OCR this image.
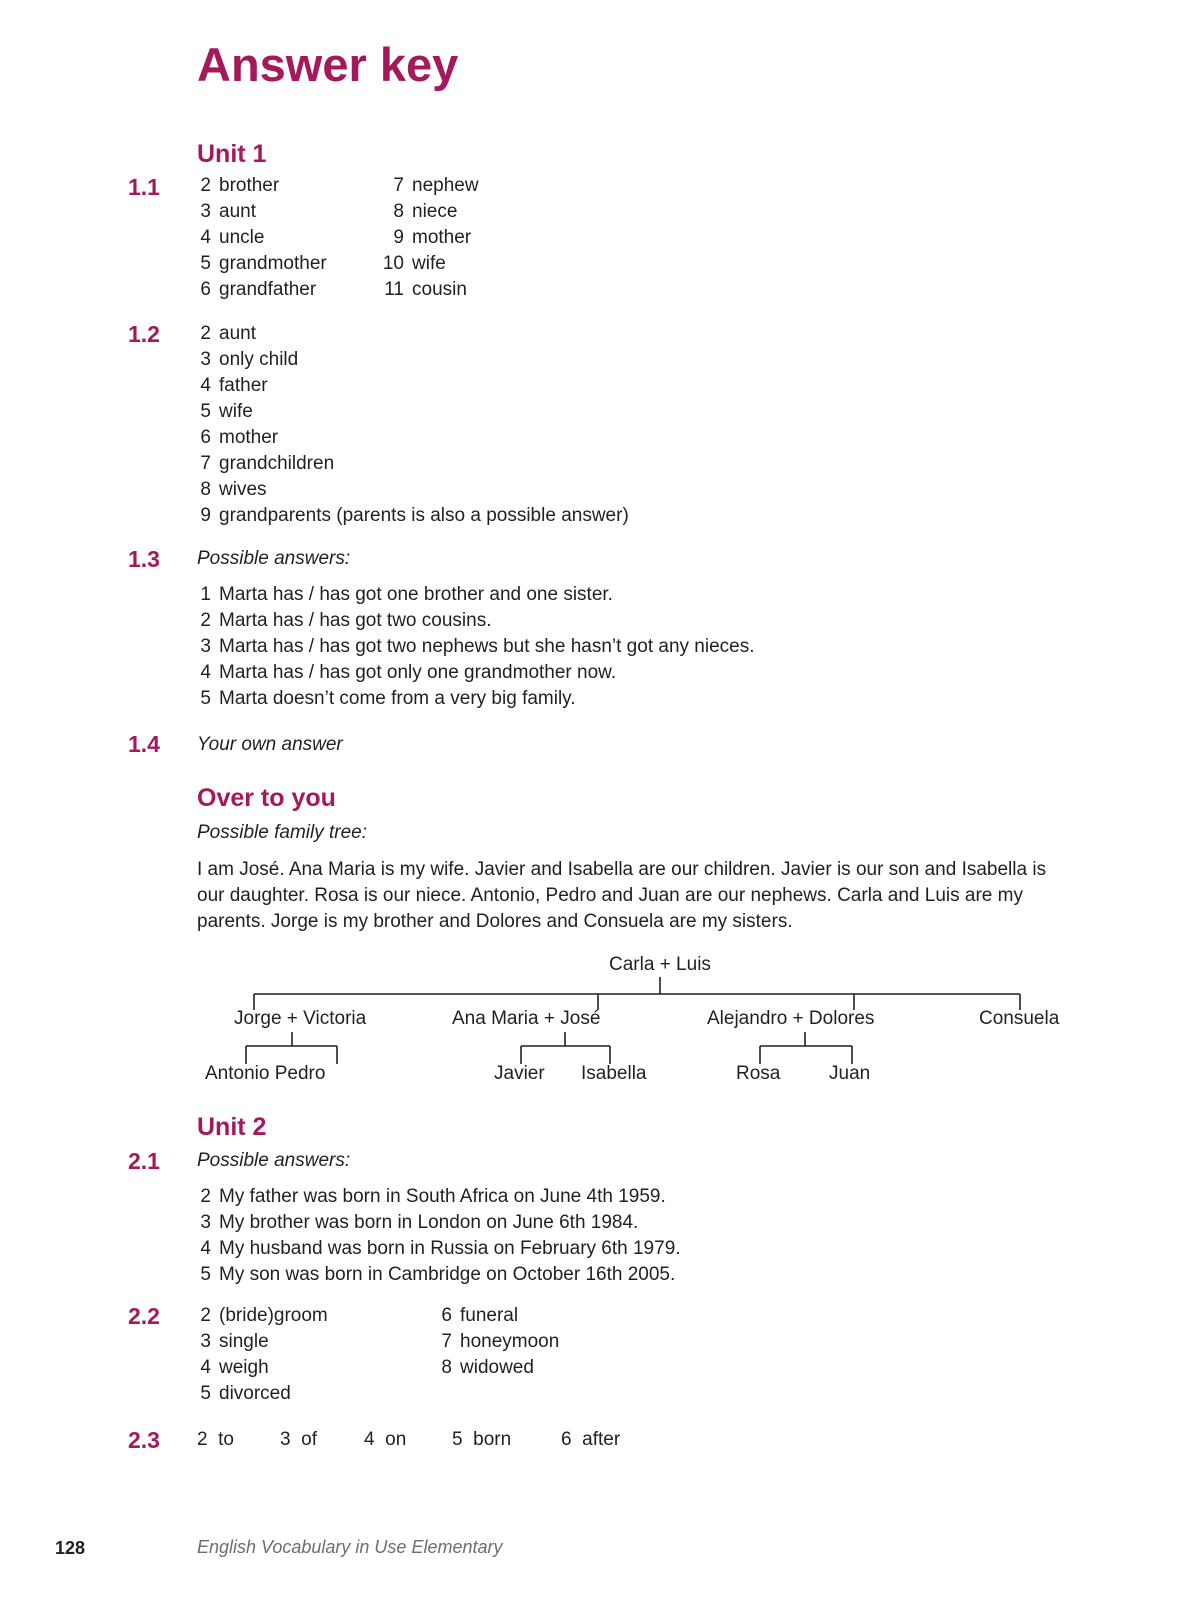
Answer key
Unit 1
1.1 2 brother
3 aunt
4 uncle
5 grandmother
6 grandfather
7 nephew
8 niece
9 mother
10 wife
11 cousin
1.2 2 aunt
3 only child
4 father
5 wife
6 mother
7 grandchildren
8 wives
9 grandparents (parents is also a possible answer)
1.3 Possible answers:
1 Marta has / has got one brother and one sister.
2 Marta has / has got two cousins.
3 Marta has / has got two nephews but she hasn’t got any nieces.
4 Marta has / has got only one grandmother now.
5 Marta doesn’t come from a very big family.
1.4 Your own answer
Over to you
Possible family tree:

I am José. Ana Maria is my wife. Javier and Isabella are our children. Javier is our son and Isabella is our daughter. Rosa is our niece. Antonio, Pedro and Juan are our nephews. Carla and Luis are my parents. Jorge is my brother and Dolores and Consuela are my sisters.

Carla + Luis
Jorge + Victoria	Ana Maria + José	Alejandro + Dolores	Consuela
Antonio Pedro	Javier Isabella	Rosa	Juan
Unit 2
2.1 Possible answers:
2 My father was born in South Africa on June 4th 1959.
3 My brother was born in London on June 6th 1984.
4 My husband was born in Russia on February 6th 1979.
5 My son was born in Cambridge on October 16th 2005.
2.2 2 (bride)groom
3 single
4 weigh
5 divorced
6 funeral
7 honeymoon
8 widowed
2.3 2 to	3 of	4 on	5 born	6 after
128	English Vocabulary in Use Elementary
